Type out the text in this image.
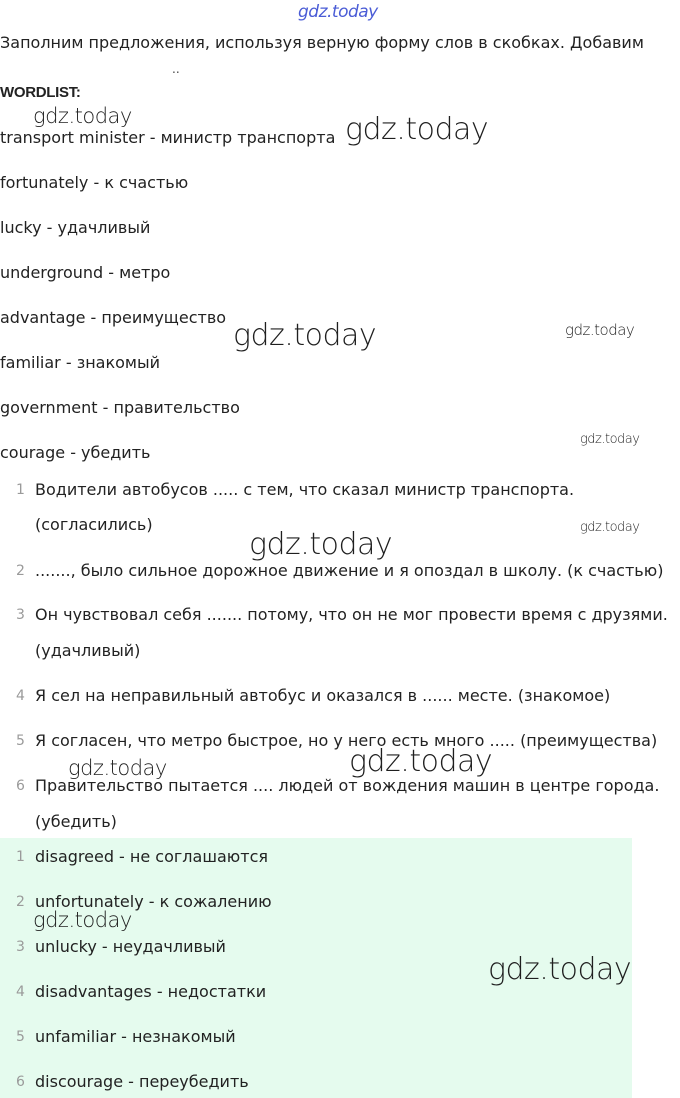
Заполним предложения, используя верную форму слов в скобках. Добавим
..
WORDLIST:
transport minister - министр транспорта
fortunately - к счастью
lucky - удачливый
underground - метро
advantage - преимущество
familiar - знакомый
government - правительство
courage - убедить
1 Водители автобусов ..... с тем, что сказал министр транспорта.
(согласились)
2 ......., было сильное дорожное движение и я опоздал в школу. (к счастью)
3 Он чувствовал себя ....... потому, что он не мог провести время с друзями.
(удачливый)
4 Я сел на неправильный автобус и оказался в ...... месте. (знакомое)
5 Я согласен, что метро быстрое, но у него есть много ..... (преимущества)
6 Правительство пытается .... людей от вождения машин в центре города.
(убедить)
1 disagreed - не соглашаются
2 unfortunately - к сожалению
3 unlucky - неудачливый
4 disadvantages - недостатки
5 unfamiliar - незнакомый
6 discourage - переубедить
gdz.today
gdz.today	gdz.today
gdz.today	gdz.today
gdz.today
gdz.today
gdz.today
gdz.today	gdz.today
gdz.today
gdz.today
